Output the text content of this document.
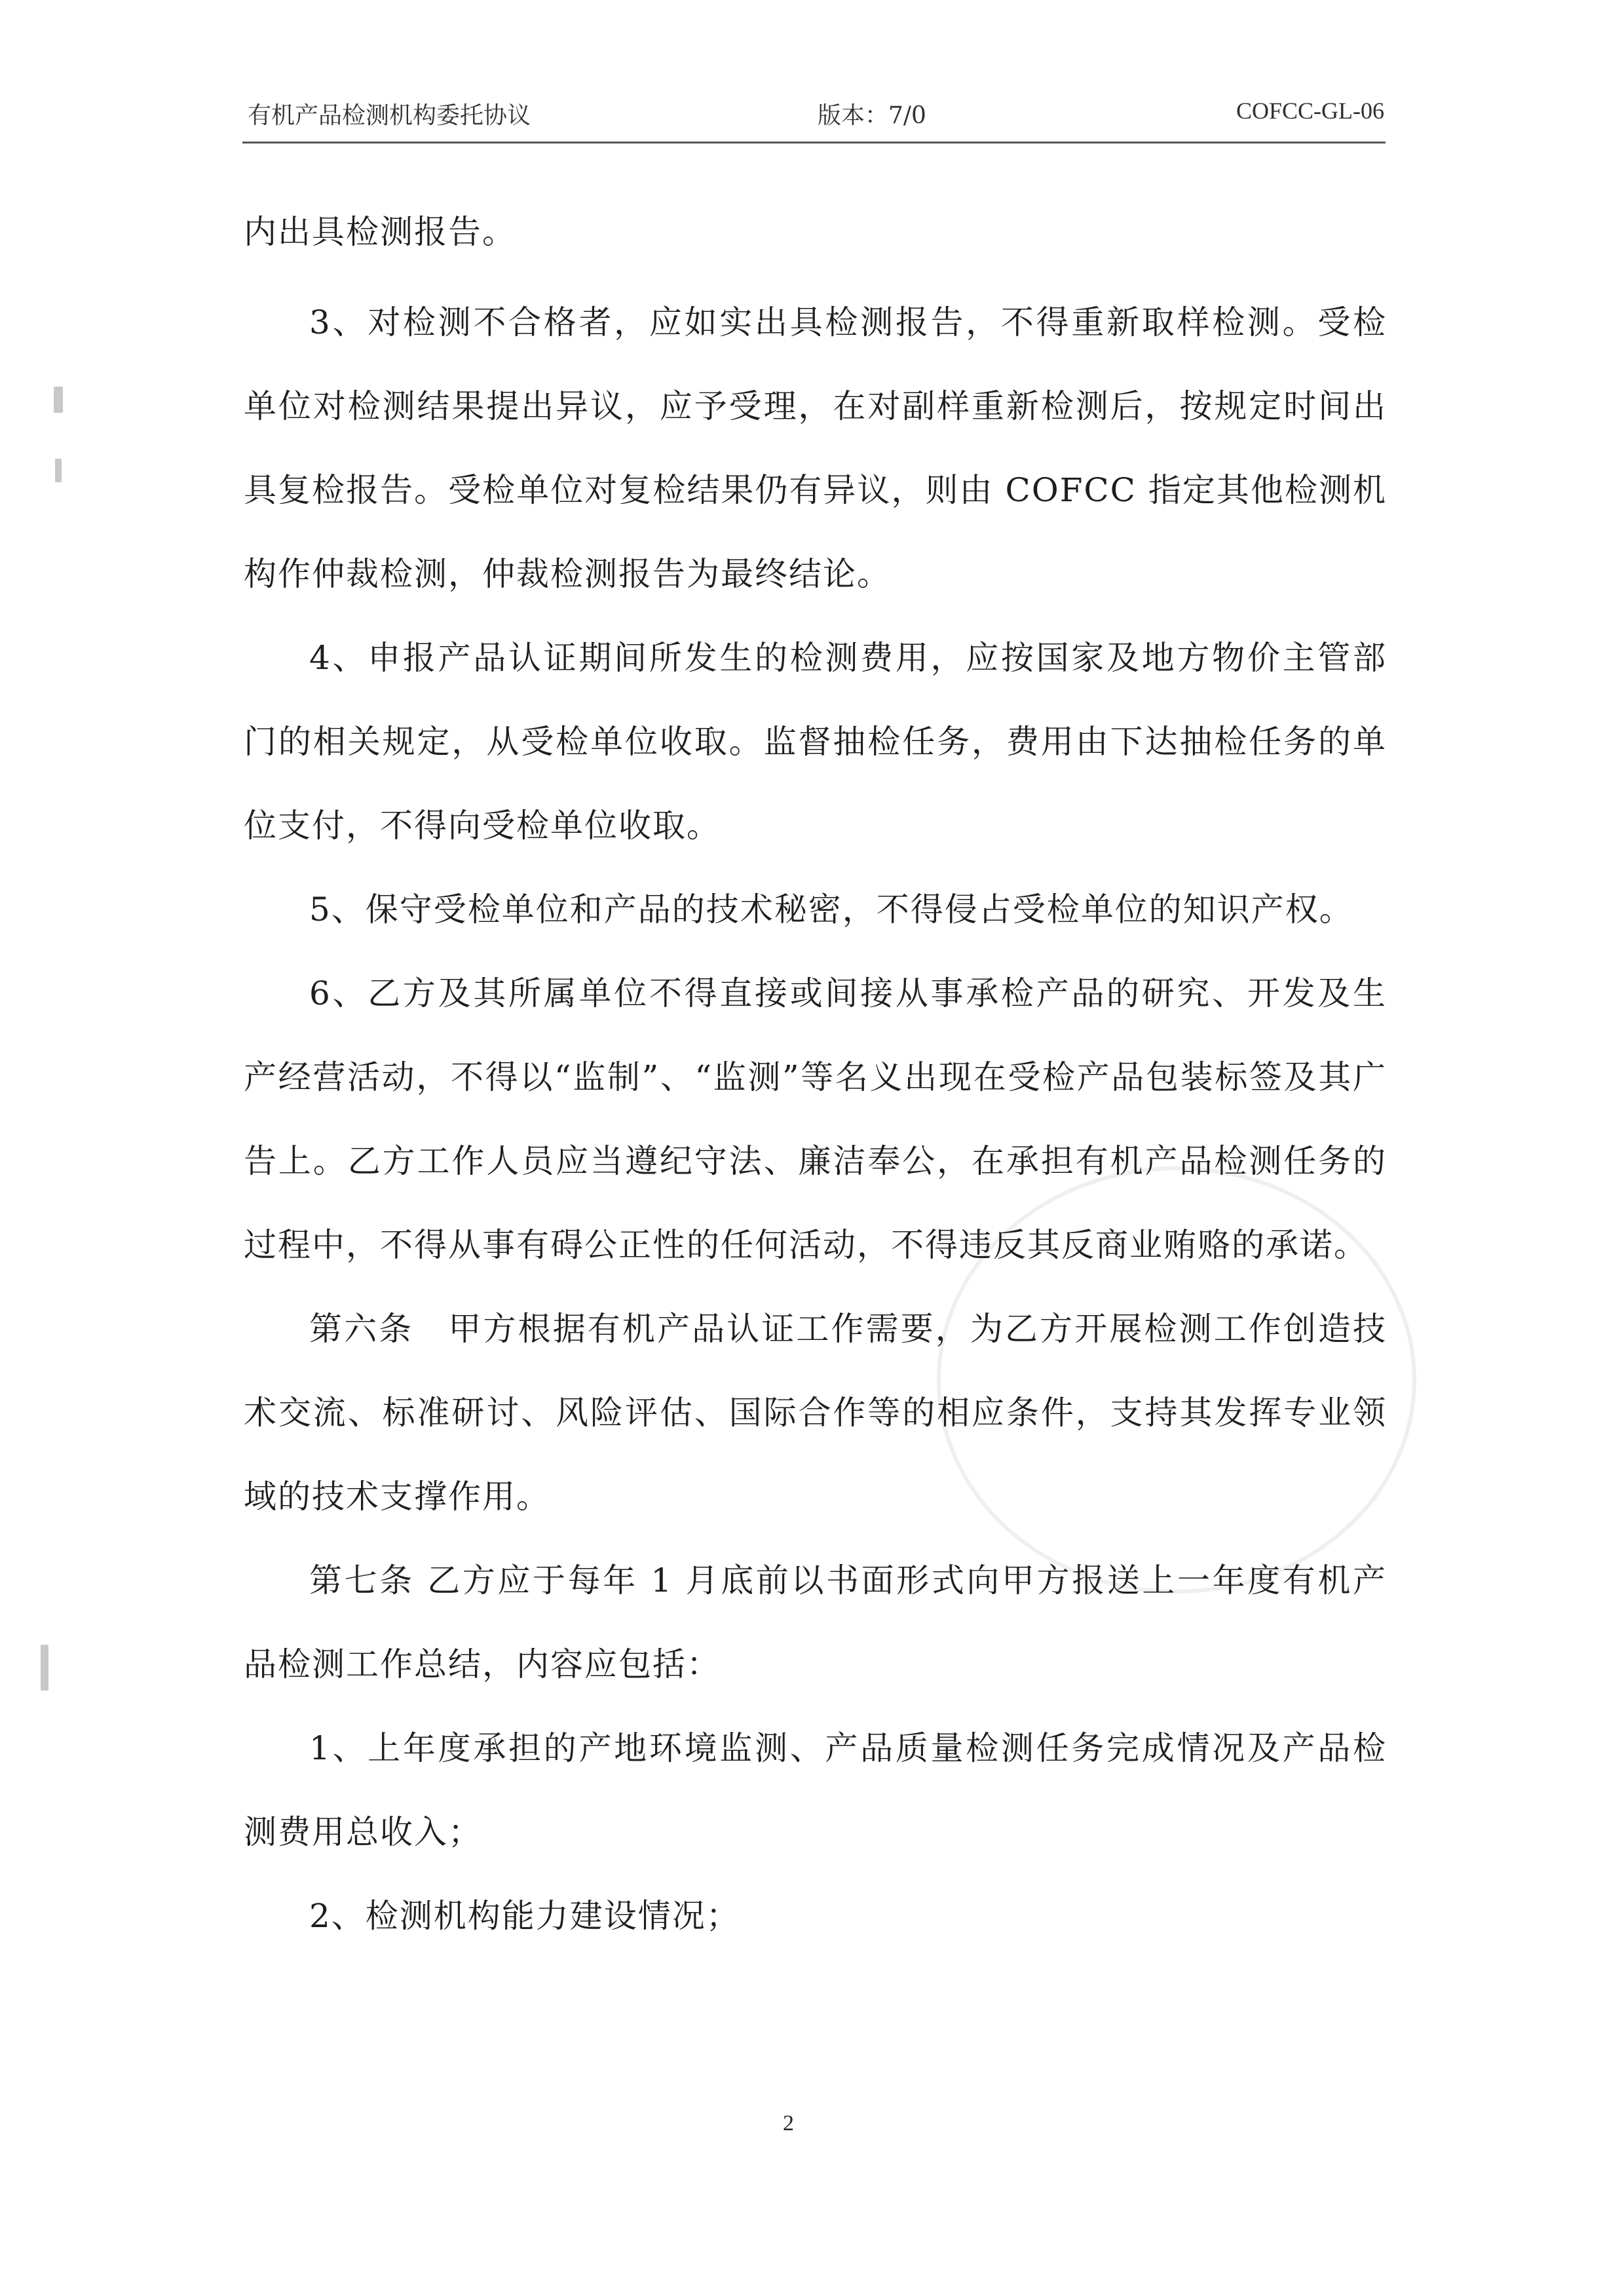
有机产品检测机构委托协议	版本：7/0	COFCC-GL-06

内出具检测报告。

3、对检测不合格者，应如实出具检测报告，不得重新取样检测。受检单位对检测结果提出异议，应予受理，在对副样重新检测后，按规定时间出具复检报告。受检单位对复检结果仍有异议，则由 COFCC 指定其他检测机构作仲裁检测，仲裁检测报告为最终结论。

4、申报产品认证期间所发生的检测费用，应按国家及地方物价主管部门的相关规定，从受检单位收取。监督抽检任务，费用由下达抽检任务的单位支付，不得向受检单位收取。

5、保守受检单位和产品的技术秘密，不得侵占受检单位的知识产权。

6、乙方及其所属单位不得直接或间接从事承检产品的研究、开发及生产经营活动，不得以“监制”、“监测”等名义出现在受检产品包装标签及其广告上。乙方工作人员应当遵纪守法、廉洁奉公，在承担有机产品检测任务的过程中，不得从事有碍公正性的任何活动，不得违反其反商业贿赂的承诺。

第六条　甲方根据有机产品认证工作需要，为乙方开展检测工作创造技术交流、标准研讨、风险评估、国际合作等的相应条件，支持其发挥专业领域的技术支撑作用。

第七条 乙方应于每年 1 月底前以书面形式向甲方报送上一年度有机产品检测工作总结，内容应包括：

1、上年度承担的产地环境监测、产品质量检测任务完成情况及产品检测费用总收入；

2、检测机构能力建设情况；

2
